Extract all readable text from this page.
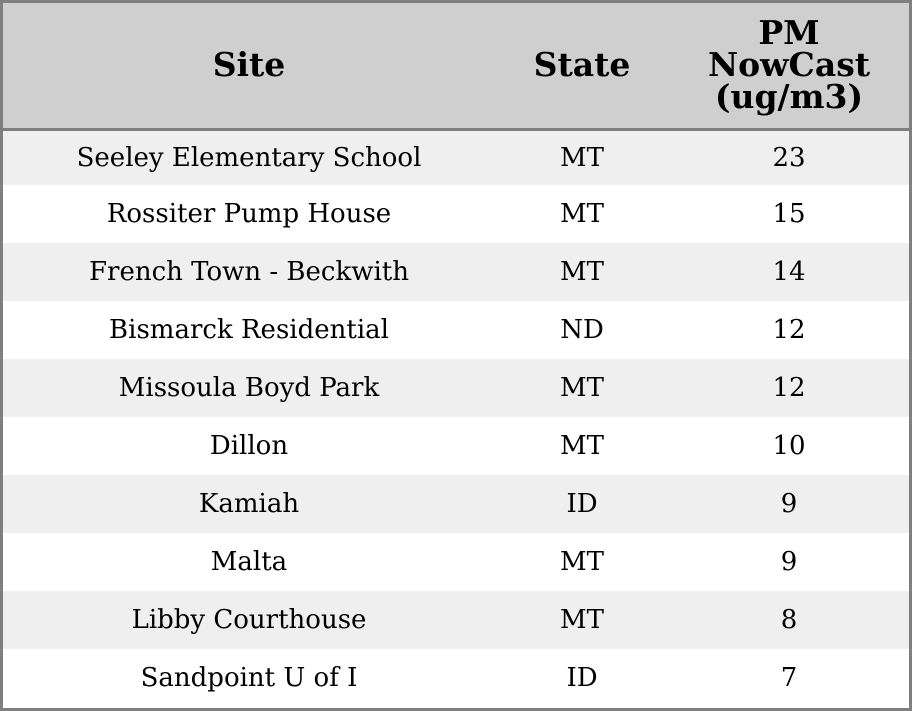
Site	State	PM
NowCast
(ug/m3)
Seeley Elementary School	MT	23
Rossiter Pump House	MT	15
French Town - Beckwith	MT	14
Bismarck Residential	ND	12
Missoula Boyd Park	MT	12
Dillon	MT	10
Kamiah	ID	9
Malta	MT	9
Libby Courthouse	MT	8
Sandpoint U of I	ID	7
